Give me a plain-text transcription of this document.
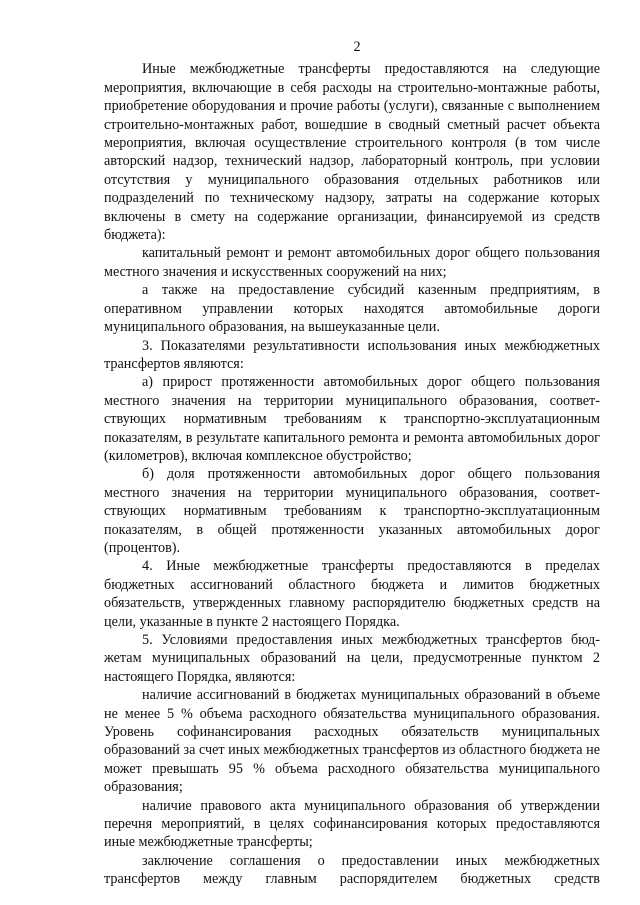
2

Иные межбюджетные трансферты предоставляются на следующие мероприятия, включающие в себя расходы на строительно-монтажные работы, приобретение оборудования и прочие работы (услуги), связанные с выполнением строительно-монтажных работ, вошедшие в сводный сметный расчет объекта мероприятия, включая осуществление строительного контроля (в том числе авторский надзор, технический надзор, лабораторный контроль, при условии отсутствия у муниципального образования отдельных работников или подразделений по техническому надзору, затраты на содержание которых включены в смету на содержание организации, финансируемой из средств бюджета):

капитальный ремонт и ремонт автомобильных дорог общего пользования местного значения и искусственных сооружений на них;

а также на предоставление субсидий казенным предприятиям, в оперативном управлении которых находятся автомобильные дороги муниципального образования, на вышеуказанные цели.

3. Показателями результативности использования иных межбюджетных трансфертов являются:

а) прирост протяженности автомобильных дорог общего пользования местного значения на территории муниципального образования, соответствующих нормативным требованиям к транспортно-эксплуатационным показателям, в результате капитального ремонта и ремонта автомобильных дорог (километров), включая комплексное обустройство;

б) доля протяженности автомобильных дорог общего пользования местного значения на территории муниципального образования, соответствующих нормативным требованиям к транспортно-эксплуатационным показателям, в общей протяженности указанных автомобильных дорог (процентов).

4. Иные межбюджетные трансферты предоставляются в пределах бюджетных ассигнований областного бюджета и лимитов бюджетных обязательств, утвержденных главному распорядителю бюджетных средств на цели, указанные в пункте 2 настоящего Порядка.

5. Условиями предоставления иных межбюджетных трансфертов бюджетам муниципальных образований на цели, предусмотренные пунктом 2 настоящего Порядка, являются:

наличие ассигнований в бюджетах муниципальных образований в объеме не менее 5 % объема расходного обязательства муниципального образования. Уровень софинансирования расходных обязательств муниципальных образований за счет иных межбюджетных трансфертов из областного бюджета не может превышать 95 % объема расходного обязательства муниципального образования;

наличие правового акта муниципального образования об утверждении перечня мероприятий, в целях софинансирования которых предоставляются иные межбюджетные трансферты;

заключение соглашения о предоставлении иных межбюджетных трансфертов между главным распорядителем бюджетных средств
